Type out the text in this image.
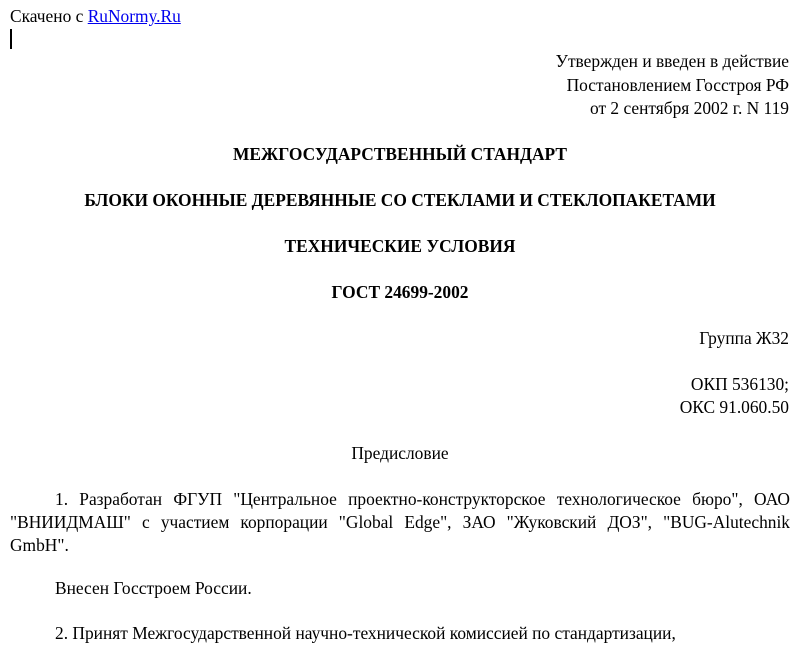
Скачено с RuNormy.Ru
Утвержден и введен в действие
Постановлением Госстроя РФ
от 2 сентября 2002 г. N 119
МЕЖГОСУДАРСТВЕННЫЙ СТАНДАРТ
БЛОКИ ОКОННЫЕ ДЕРЕВЯННЫЕ СО СТЕКЛАМИ И СТЕКЛОПАКЕТАМИ
ТЕХНИЧЕСКИЕ УСЛОВИЯ
ГОСТ 24699-2002
Группа Ж32
ОКП 536130;
ОКС 91.060.50
Предисловие
1. Разработан ФГУП "Центральное проектно-конструкторское технологическое бюро", ОАО "ВНИИДМАШ" с участием корпорации "Global Edge", ЗАО "Жуковский ДОЗ", "BUG-Alutechnik GmbH".
Внесен Госстроем России.
2. Принят Межгосударственной научно-технической комиссией по стандартизации,
